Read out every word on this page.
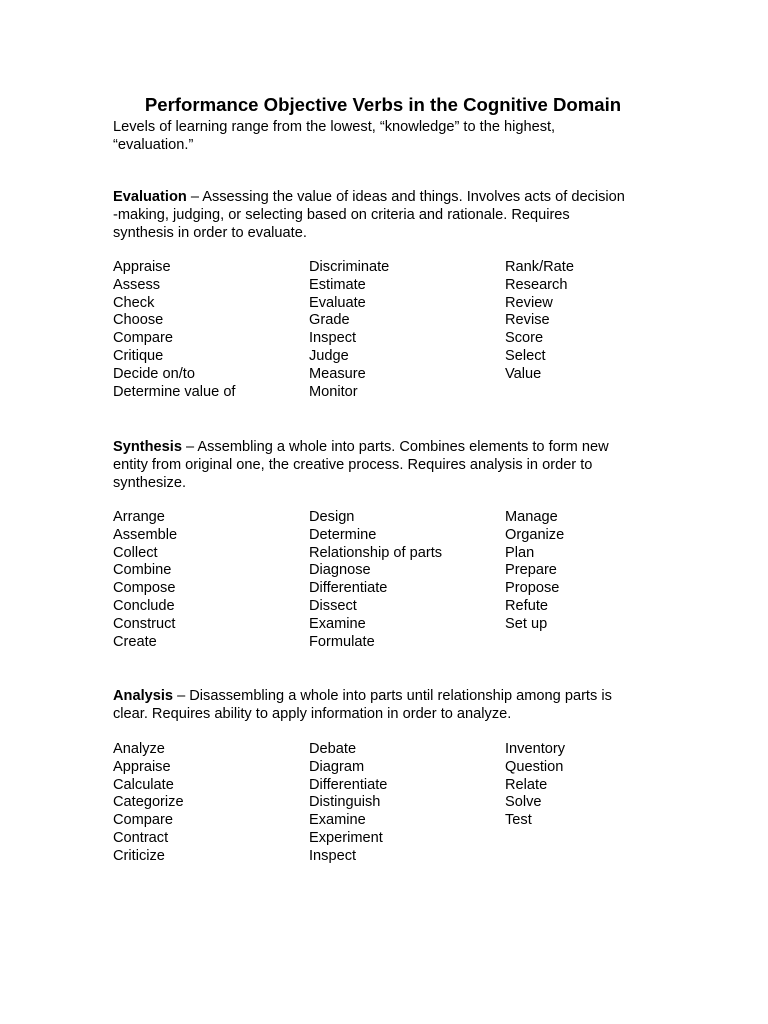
Performance Objective Verbs in the Cognitive Domain
Levels of learning range from the lowest, “knowledge” to the highest,
“evaluation.”
Evaluation – Assessing the value of ideas and things. Involves acts of decision
-making, judging, or selecting based on criteria and rationale. Requires
synthesis in order to evaluate.
Appraise
Assess
Check
Choose
Compare
Critique
Decide on/to
Determine value of
Discriminate
Estimate
Evaluate
Grade
Inspect
Judge
Measure
Monitor
Rank/Rate
Research
Review
Revise
Score
Select
Value
Synthesis – Assembling a whole into parts. Combines elements to form new
entity from original one, the creative process. Requires analysis in order to
synthesize.
Arrange
Assemble
Collect
Combine
Compose
Conclude
Construct
Create
Design
Determine
Relationship of parts
Diagnose
Differentiate
Dissect
Examine
Formulate
Manage
Organize
Plan
Prepare
Propose
Refute
Set up
Analysis – Disassembling a whole into parts until relationship among parts is
clear. Requires ability to apply information in order to analyze.
Analyze
Appraise
Calculate
Categorize
Compare
Contract
Criticize
Debate
Diagram
Differentiate
Distinguish
Examine
Experiment
Inspect
Inventory
Question
Relate
Solve
Test
